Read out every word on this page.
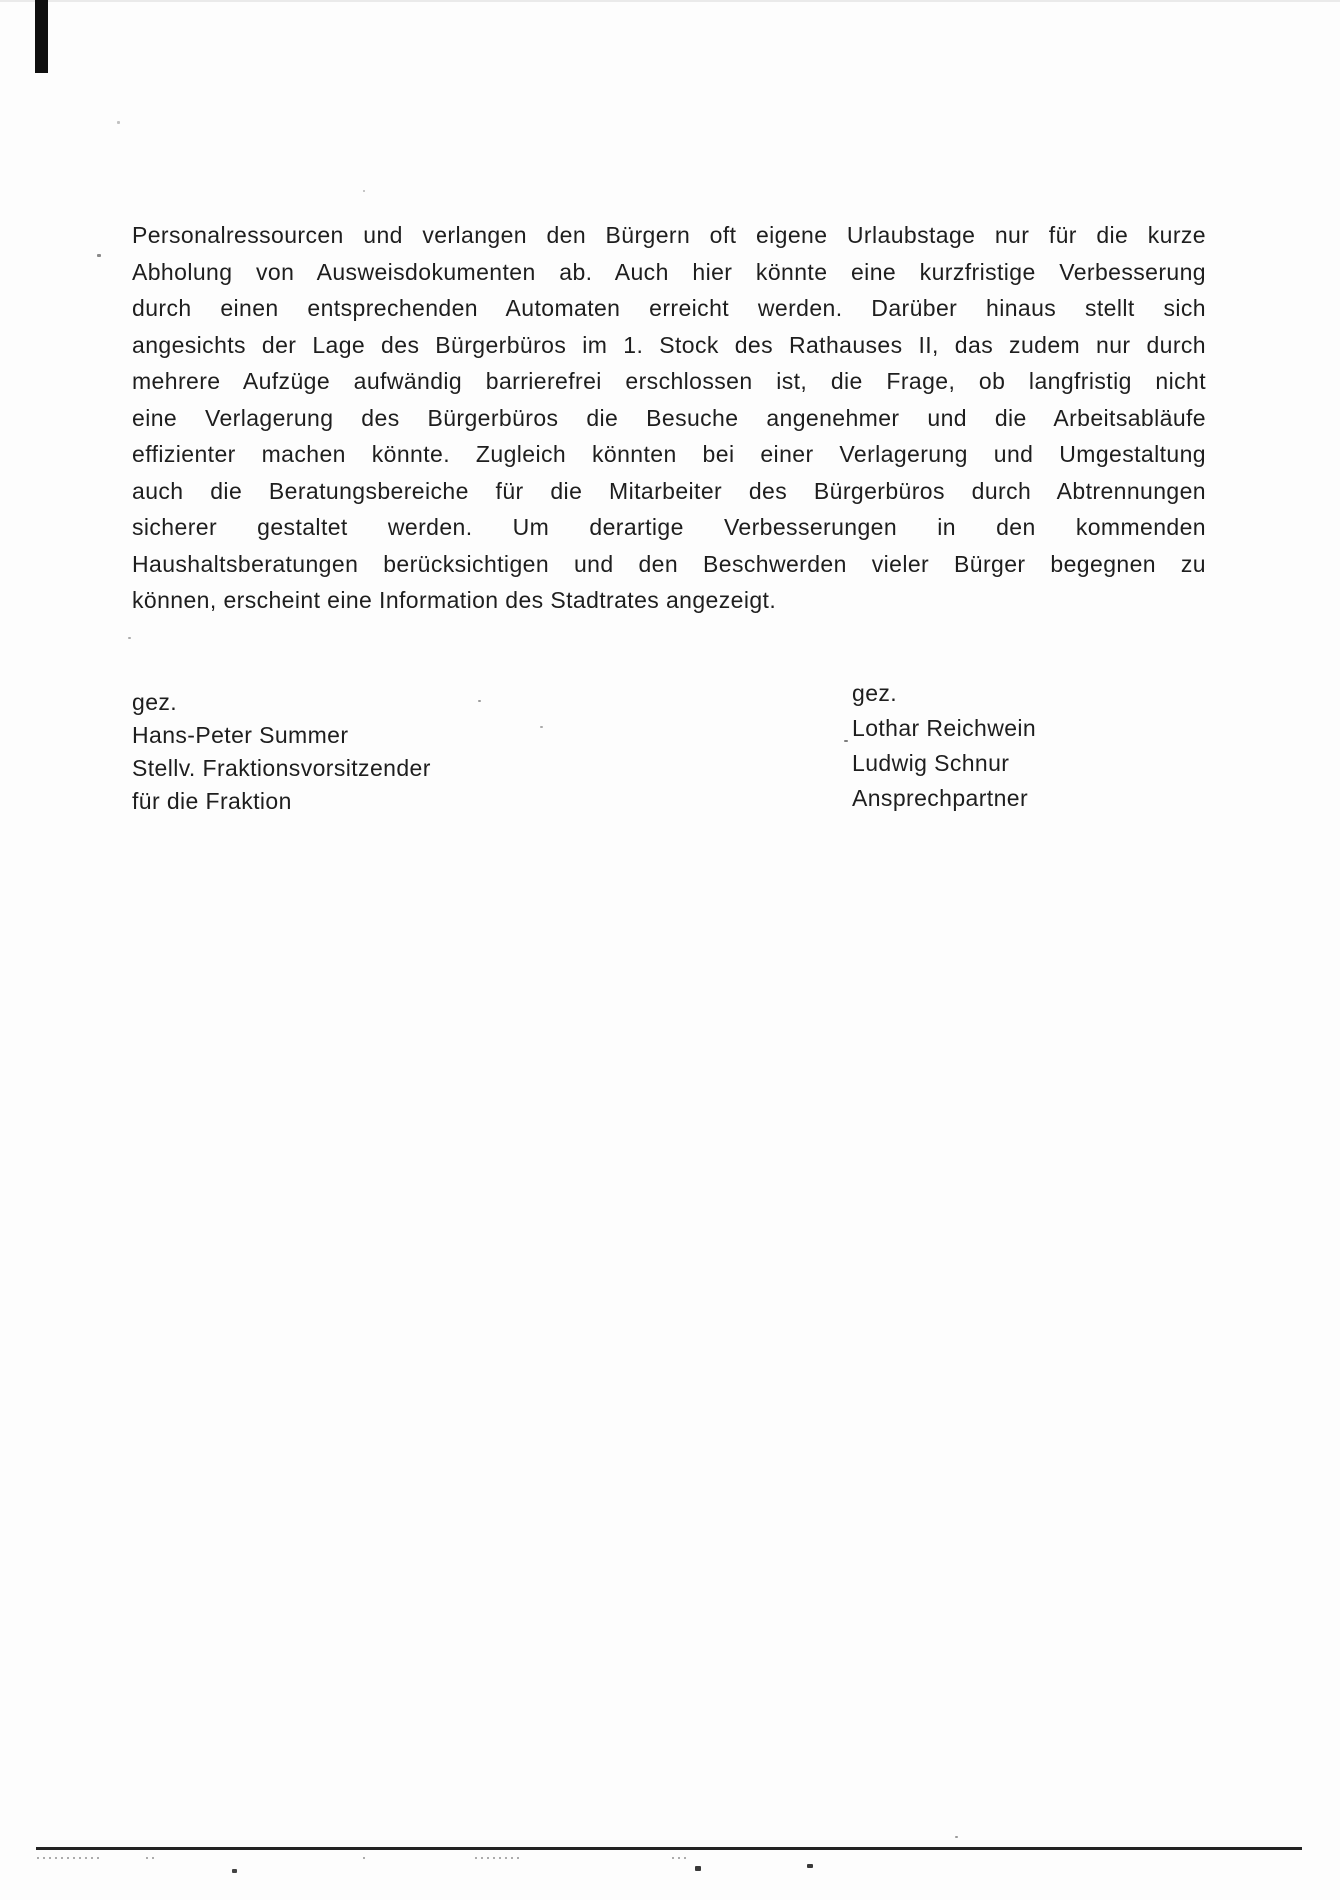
Personalressourcen und verlangen den Bürgern oft eigene Urlaubstage nur für die kurze
Abholung von Ausweisdokumenten ab. Auch hier könnte eine kurzfristige Verbesserung
durch einen entsprechenden Automaten erreicht werden. Darüber hinaus stellt sich
angesichts der Lage des Bürgerbüros im 1. Stock des Rathauses II, das zudem nur durch
mehrere Aufzüge aufwändig barrierefrei erschlossen ist, die Frage, ob langfristig nicht
eine Verlagerung des Bürgerbüros die Besuche angenehmer und die Arbeitsabläufe
effizienter machen könnte. Zugleich könnten bei einer Verlagerung und Umgestaltung
auch die Beratungsbereiche für die Mitarbeiter des Bürgerbüros durch Abtrennungen
sicherer gestaltet werden. Um derartige Verbesserungen in den kommenden
Haushaltsberatungen berücksichtigen und den Beschwerden vieler Bürger begegnen zu
können, erscheint eine Information des Stadtrates angezeigt.
gez.
Hans-Peter Summer
Stellv. Fraktionsvorsitzender
für die Fraktion
gez.
Lothar Reichwein
Ludwig Schnur
Ansprechpartner
